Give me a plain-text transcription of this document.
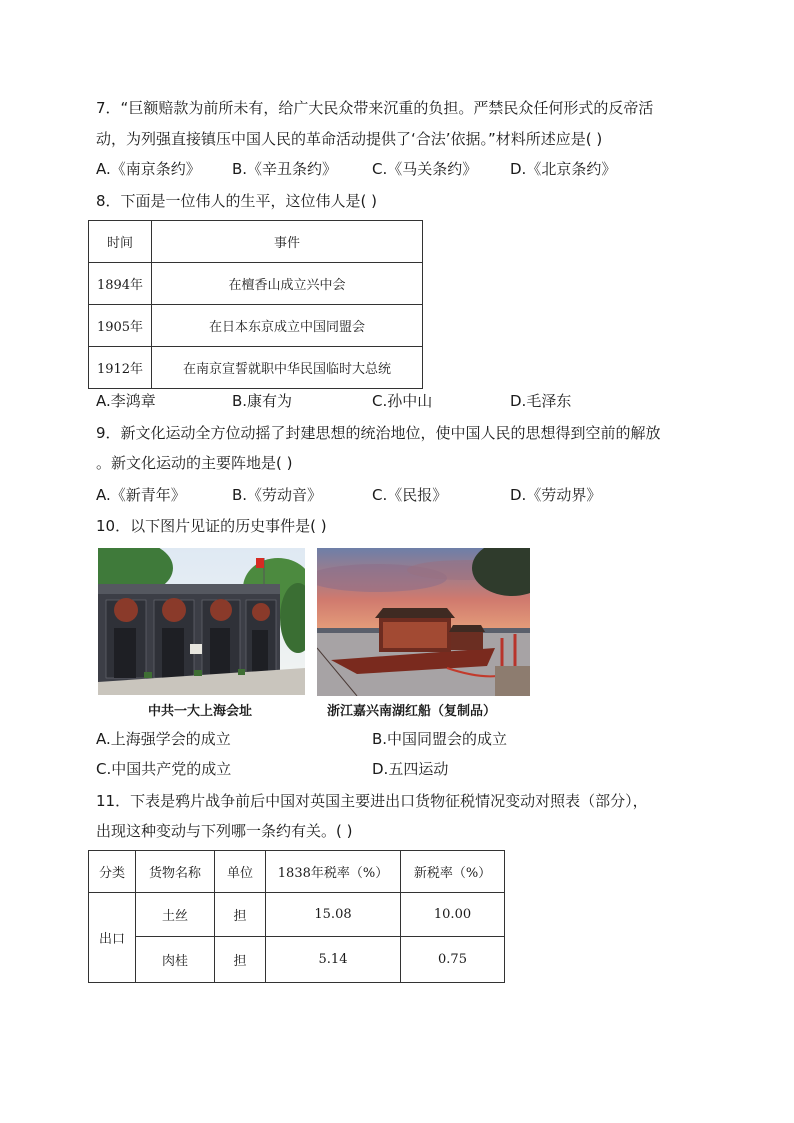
7．“巨额赔款为前所未有，给广大民众带来沉重的负担。严禁民众任何形式的反帝活
动，为列强直接镇压中国人民的革命活动提供了‘合法’依据。”材料所述应是( )
A.《南京条约》 B.《辛丑条约》 C.《马关条约》 D.《北京条约》
8．下面是一位伟人的生平，这位伟人是( )
时间	事件
1894年	在檀香山成立兴中会
1905年	在日本东京成立中国同盟会
1912年	在南京宣誓就职中华民国临时大总统
A.李鸿章	B.康有为	C.孙中山	D.毛泽东
9．新文化运动全方位动摇了封建思想的统治地位，使中国人民的思想得到空前的解放
。新文化运动的主要阵地是( )
A.《新青年》	B.《劳动音》	C.《民报》	D.《劳动界》
10．以下图片见证的历史事件是( )
中共一大上海会址	浙江嘉兴南湖红船（复制品）
A.上海强学会的成立	B.中国同盟会的成立
C.中国共产党的成立	D.五四运动
11．下表是鸦片战争前后中国对英国主要进出口货物征税情况变动对照表（部分），
出现这种变动与下列哪一条约有关。( )
分类	货物名称	单位	1838年税率（%）	新税率（%）
出口	土丝	担	15.08	10.00
	肉桂	担	5.14	0.75
